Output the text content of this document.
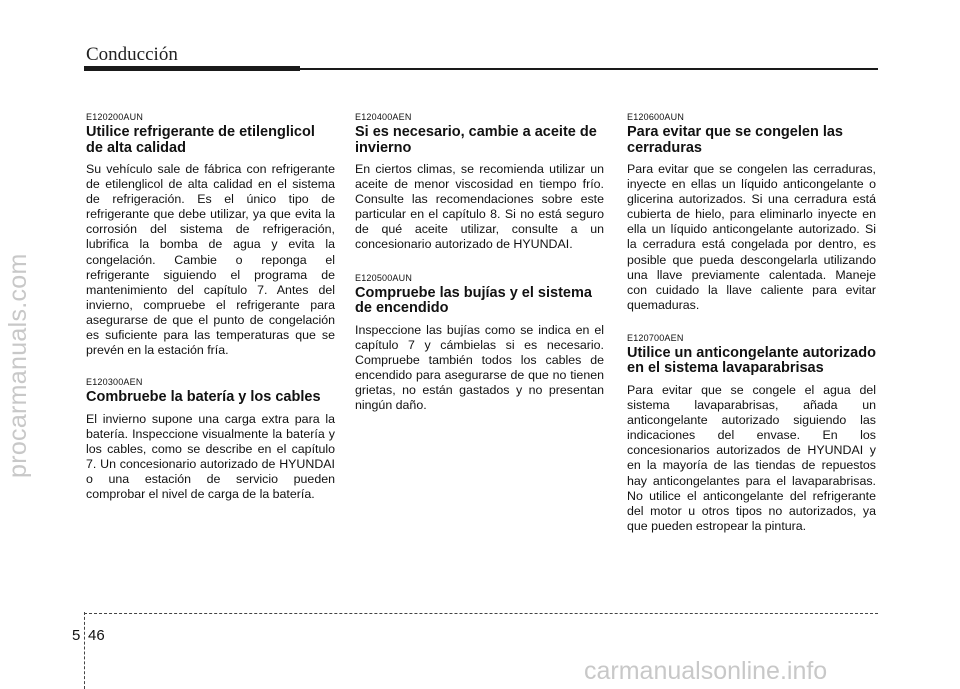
Conducción
procarmanuals.com

E120200AUN

Utilice refrigerante de etilenglicol de alta calidad

Su vehículo sale de fábrica con refrigerante de etilenglicol de alta calidad en el sistema de refrigeración. Es el único tipo de refrigerante que debe utilizar, ya que evita la corrosión del sistema de refrigeración, lubrifica la bomba de agua y evita la congelación. Cambie o reponga el refrigerante siguiendo el programa de mantenimiento del capítulo 7. Antes del invierno, compruebe el refrigerante para asegurarse de que el punto de congelación es suficiente para las temperaturas que se prevén en la estación fría.

E120300AEN

Combruebe la batería y los cables

El invierno supone una carga extra para la batería. Inspeccione visualmente la batería y los cables, como se describe en el capítulo 7. Un concesionario autorizado de HYUNDAI o una estación de servicio pueden comprobar el nivel de carga de la batería.

E120400AEN

Si es necesario, cambie a aceite de invierno

En ciertos climas, se recomienda utilizar un aceite de menor viscosidad en tiempo frío. Consulte las recomendaciones sobre este particular en el capítulo 8. Si no está seguro de qué aceite utilizar, consulte a un concesionario autorizado de HYUNDAI.

E120500AUN

Compruebe las bujías y el sistema de encendido

Inspeccione las bujías como se indica en el capítulo 7 y cámbielas si es necesario. Compruebe también todos los cables de encendido para asegurarse de que no tienen grietas, no están gastados y no presentan ningún daño.

E120600AUN

Para evitar que se congelen las cerraduras

Para evitar que se congelen las cerraduras, inyecte en ellas un líquido anticongelante o glicerina autorizados. Si una cerradura está cubierta de hielo, para eliminarlo inyecte en ella un líquido anticongelante autorizado. Si la cerradura está congelada por dentro, es posible que pueda descongelarla utilizando una llave previamente calentada. Maneje con cuidado la llave caliente para evitar quemaduras.

E120700AEN

Utilice un anticongelante autorizado en el sistema lavaparabrisas

Para evitar que se congele el agua del sistema lavaparabrisas, añada un anticongelante autorizado siguiendo las indicaciones del envase. En los concesionarios autorizados de HYUNDAI y en la mayoría de las tiendas de repuestos hay anticongelantes para el lavaparabrisas. No utilice el anticongelante del refrigerante del motor u otros tipos no autorizados, ya que pueden estropear la pintura.

5 46
carmanualsonline.info
